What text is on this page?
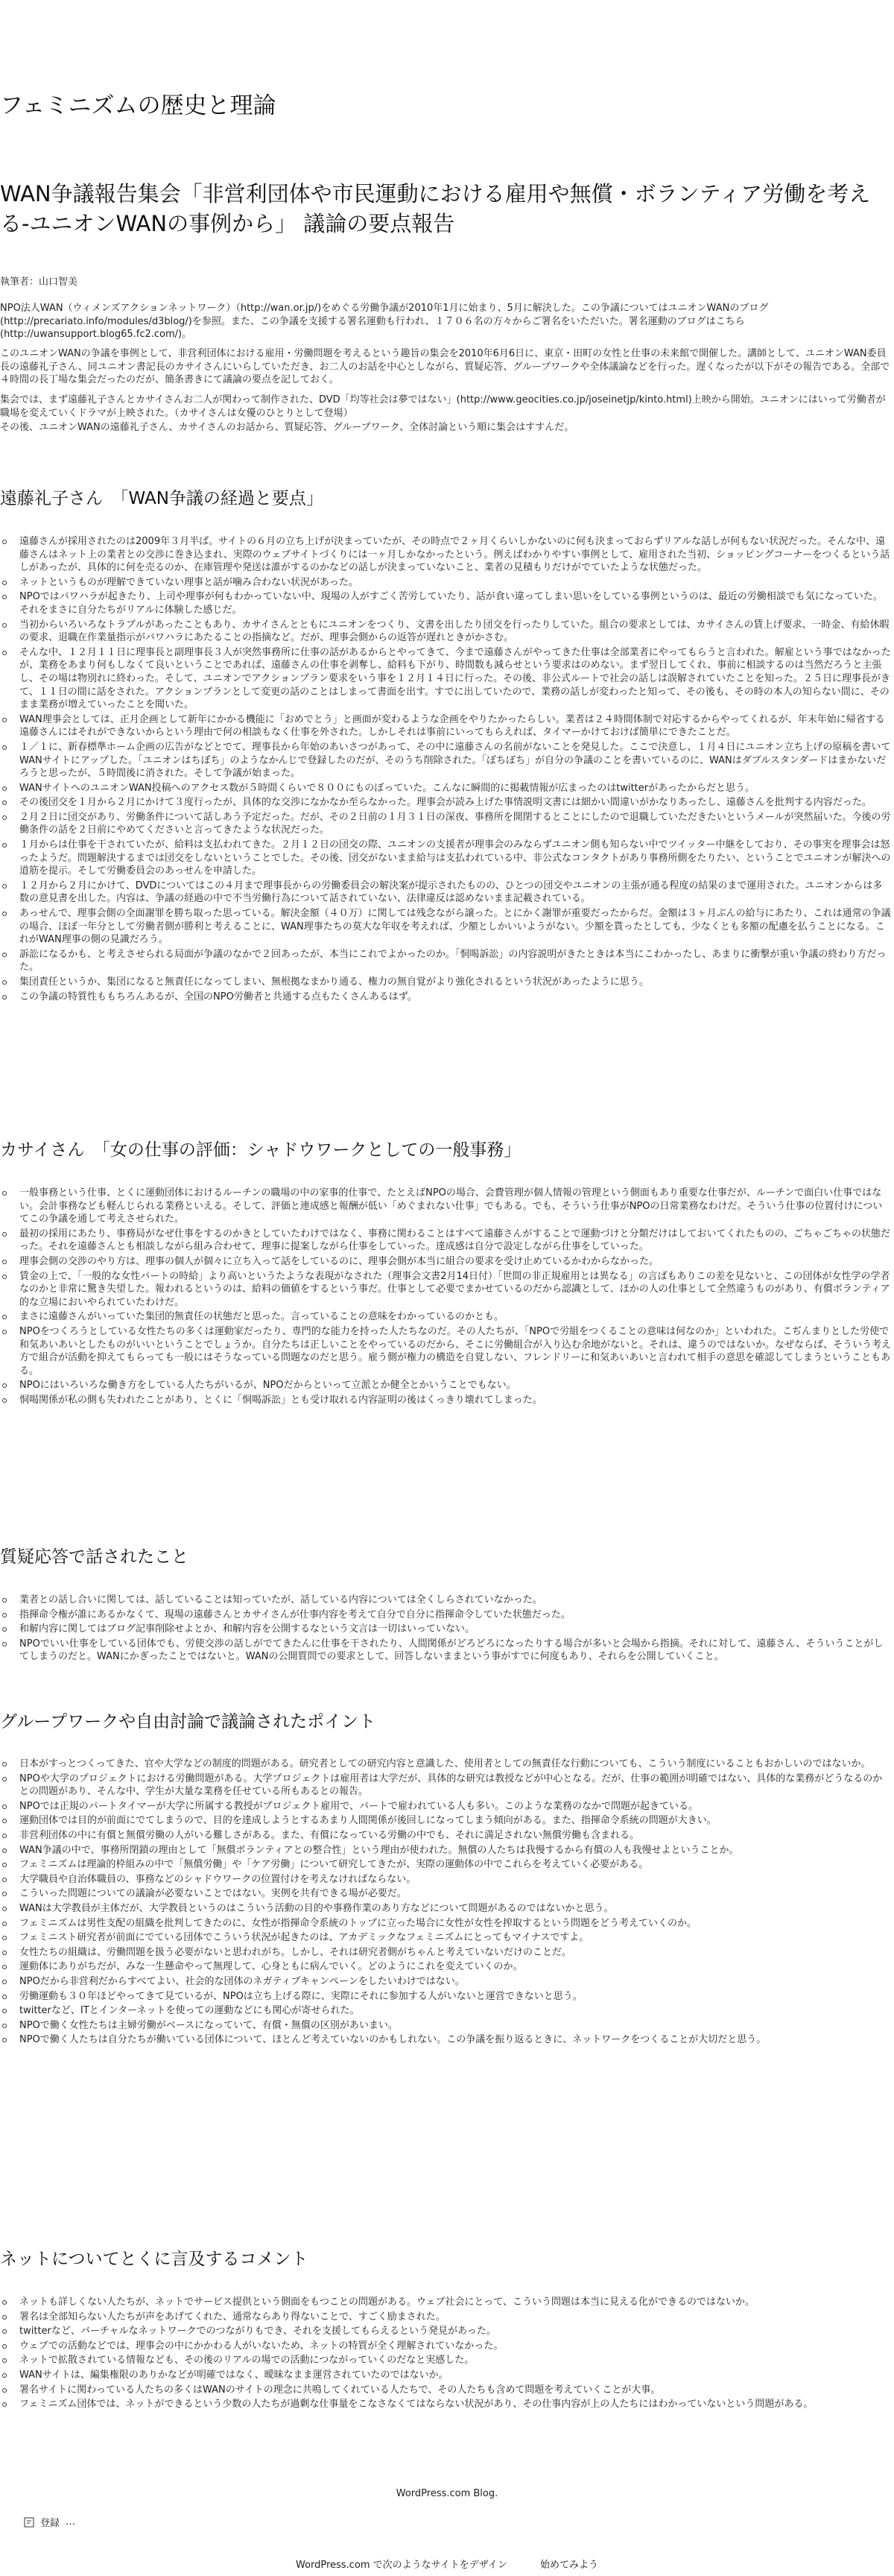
フェミニズムの歴史と理論
WAN争議報告集会「非営利団体や市民運動における雇用や無償・ボランティア労働を考える-ユニオンWANの事例から」 議論の要点報告
執筆者：山口智美

NPO法人WAN（ウィメンズアクションネットワーク）（http://wan.or.jp/)をめぐる労働争議が2010年1月に始まり、5月に解決した。この争議についてはユニオンWANのブログ (http://precariato.info/modules/d3blog/)を参照。また、この争議を支援する署名運動も行われ、１７０６名の方々からご署名をいただいた。署名運動のブログはこちら (http://uwansupport.blog65.fc2.com/)。

このユニオンWANの争議を事例として、非営利団体における雇用・労働問題を考えるという趣旨の集会を2010年6月6日に、東京・田町の女性と仕事の未来館で開催した。講師として、ユニオンWAN委員長の遠藤礼子さん、同ユニオン書記長のカサイさんにいらしていただき、お二人のお話を中心としながら、質疑応答、グループワークや全体議論などを行った。遅くなったが以下がその報告である。全部で４時間の長丁場な集会だったのだが、簡条書きにて議論の要点を記しておく。

集会では、まず遠藤礼子さんとカサイさんお二人が関わって制作された、DVD「均等社会は夢ではない」(http://www.geocities.co.jp/joseinetjp/kinto.html)上映から開始。ユニオンにはいって労働者が職場を変えていくドラマが上映された。（カサイさんは女優のひとりとして登場）

その後、ユニオンWANの遠藤礼子さん、カサイさんのお話から、質疑応答、グループワーク、全体討論という順に集会はすすんだ。

遠藤礼子さん　「WAN争議の経過と要点」
遠藤さんが採用されたのは2009年３月半ば。サイトの６月の立ち上げが決まっていたが、その時点で２ヶ月くらいしかないのに何も決まっておらずリアルな話しが何もない状況だった。そんな中、遠藤さんはネット上の業者との交渉に巻き込まれ、実際のウェブサイトづくりには一ヶ月しかなかったという。例えばわかりやすい事例として、雇用された当初、ショッピングコーナーをつくるという話しがあったが、具体的に何を売るのか、在庫管理や発送は誰がするのかなどの話しが決まっていないこと、業者の見積もりだけがでていたような状態だった。
ネットというものが理解できていない理事と話が噛み合わない状況があった。
NPOではパワハラが起きたり、上司や理事が何もわかっていない中、現場の人がすごく苦労していたり、話が食い違ってしまい思いをしている事例というのは、最近の労働相談でも気になっていた。それをまさに自分たちがリアルに体験した感じだ。
当初からいろいろなトラブルがあったこともあり、カサイさんとともにユニオンをつくり、文書を出したり団交を行ったりしていた。組合の要求としては、カサイさんの賃上げ要求、一時金、有給休暇の要求、退職在作業量指示がパワハラにあたることの指摘など。だが、理事会側からの返答が遅れときがかさむ。
そんな中、１２月１１日に理事長と副理事長３人が突然事務所に仕事の話があるからとやってきて、今まで遠藤さんがやってきた仕事は全部業者にやってもらうと言われた。解雇という事ではなかったが、業務をあまり何もしなくて良いということであれば、遠藤さんの仕事を剥奪し、給料も下がり、時間数も減らせという要求はのめない。まず翌日してくれ、事前に相談するのは当然だろうと主張し、その場は物別れに終わった。そして、ユニオンでアクションプラン要求をいう事を１２月１４日に行った。その後、非公式ルートで社会の話しは誤解されていたことを知った。２５日に理事長がきて、１１日の間に話をされた。アクションプランとして変更の話のことはしまって書面を出す。すでに出していたので、業務の話しが変わったと知って、その後も、その時の本人の知らない間に、そのまま業務が増えていったことを聞いた。
WAN理事会としては、正月企画として新年にかかる機能に「おめでとう」と画面が変わるような企画をやりたかったらしい。業者は２４時間体制で対応するからやってくれるが、年末年始に帰省する遠藤さんにはそれができないからという理由で何の相談もなく仕事を外された。しかしそれは事前にいってもらえれば、タイマーかけておけば簡単にできたことだ。
１／１に、新春標準ホーム企画の広告がなどとでて、理事長から年始のあいさつがあって、その中に遠藤さんの名前がないことを発見した。ここで決意し、１月４日にユニオン立ち上げの原稿を書いてWANサイトにアップした。「ユニオンはちぼち」のようなかんじで登録したのだが、そのうち削除された。「ぼちぼち」が自分の争議のことを書いているのに、WANはダブルスタンダードはまかないだろうと思ったが、５時間後に消された。そして争議が始まった。
WANサイトへのユニオンWAN投稿へのアクセス数が５時間くらいで８００にものぼっていた。こんなに瞬間的に掲載情報が広まったのはtwitterがあったからだと思う。
その後団交を１月から２月にかけて３度行ったが、具体的な交渉になかなか至らなかった。理事会が読み上げた事情説明文書には細かい間違いがかなりあったし、遠藤さんを批判する内容だった。
２月２日に団交があり、労働条件について話しあう予定だった。だが、その２日前の１月３１日の深夜、事務所を開閉するとことにしたので退職していただきたいというメールが突然届いた。今後の労働条件の話を２日前にやめてくださいと言ってきたような状況だった。
１月からは仕事を干されていたが、給料は支払われてきた。２月１２日の団交の際、ユニオンの支援者が理事会のみならずユニオン側も知らない中でツイッター中継をしており、その事実を理事会は怒ったようだ。問題解決するまでは団交をしないということでした。その後、団交がないまま給与は支払われている中、非公式なコンタクトがあり事務所側をたりたい、ということでユニオンが解決への道筋を提示。そして労働委員会のあっせんを申請した。
１２月から２月にかけて、DVDについてはこの４月まで理事長からの労働委員会の解決案が提示されたものの、ひとつの団交やユニオンの主張が通る程度の結果のまで運用された。ユニオンからは多数の意見書を出した。内容は、争議の経過の中で不当労働行為について話されていない、法律違反は認めないまま記載されている。
あっせんで、理事会側の全面謝罪を勝ち取った思っている。解決金額（４０万）に関しては残念ながら譲った。とにかく謝罪が重要だったからだ。金額は３ヶ月ぶんの給与にあたり、これは通常の争議の場合、ほぼ一年分として労働者側が勝利と考えることに、WAN理事たちの莫大な年収を考えれば、少額としかいいようがない。少額を貰ったとしても、少なくとも多額の配慮を払うことになる。これがWAN理事の側の見識だろう。
訴訟になるかも、と考えさせられる局面が争議のなかで２回あったが、本当にこれでよかったのか。「恫喝訴訟」の内容説明がきたときは本当にこわかったし、あまりに衝撃が重い争議の終わり方だった。
集団責任というか、集団になると無責任になってしまい、無根拠なまかり通る、権力の無自覚がより強化されるという状況があったように思う。
この争議の特質性ももちろんあるが、全国のNPO労働者と共通する点もたくさんあるはず。
カサイさん　「女の仕事の評価：シャドウワークとしての一般事務」
一般事務という仕事、とくに運動団体におけるルーチンの職場の中の家事的仕事で、たとえばNPOの場合、会費管理が個人情報の管理という側面もあり重要な仕事だが、ルーチンで面白い仕事ではない。会計事務なども軽んじられる業務といえる。そして、評価と連成感と報酬が低い「めぐまれない仕事」でもある。でも、そういう仕事がNPOの日常業務なわけだ。そういう仕事の位置付けについてこの争議を通して考えさせられた。
最初の採用にあたり、事務局がなぜ仕事をするのかきとしていたわけではなく、事務に関わることはすべて遠藤さんがすることで運動づけと分類だけはしておいてくれたものの、ごちゃごちゃの状態だった。それを遠藤さんとも相談しながら組み合わせて、理事に提案しながら仕事をしていった。達成感は自分で設定しながら仕事をしていった。
理事会側の交渉のやり方は、理事の個人が個々に立ち入って話をしているのに、理事会側が本当に組合の要求を受け止めているかわからなかった。
賃金の上で、「一般的な女性パートの時給」より高いというたような表現がなされた（理事会文書2月14日付）「世間の非正規雇用とは異なる」の言ばもありこの差を見ないと、この団体が女性学の学者なのかと非常に驚き失望した。報われるというのは、給料の価値をするという事だ。仕事として必要でまかせているのだから認識として、ほかの人の仕事として全然違うものがあり、有償ボランティア的な立場においやられていたわけだ。
まさに遠藤さんがいっていた集団的無責任の状態だと思った。言っていることの意味をわかっているのかとも。
NPOをつくろうとしている女性たちの多くは運動家だったり、専門的な能力を持った人たちなのだ。その人たちが、「NPOで労組をつくることの意味は何なのか」といわれた。こぢんまりとした労使で和気あいあいとしたものがいいということでしょうか。自分たちは正しいことをやっているのだから、そこに労働組合が入り込む余地がないと。それは、違うのではないか。なぜならば、そういう考え方で組合が活動を抑えてもらっても一般にはそうなっている問題なのだと思う。雇う側が権力の構造を自覚しない、フレンドリーに和気あいあいと言われて相手の意思を確認してしまうということもある。
NPOにはいろいろな働き方をしている人たちがいるが、NPOだからといって立派とか健全とかいうことでもない。
恫喝関係が私の側も失われたことがあり、とくに「恫喝訴訟」とも受け取れる内容証明の後はくっきり壊れてしまった。
質疑応答で話されたこと
業者との話し合いに関しては、話していることは知っていたが、話している内容については全くしらされていなかった。
指揮命令権が誰にあるかなくて、現場の遠藤さんとカサイさんが仕事内容を考えて自分で自分に指揮命令していた状態だった。
和解内容に関してはブログ記事削除せよとか、和解内容を公開するなという文言は一切はいっていない。
NPOでいい仕事をしている団体でも、労使交渉の話しがでてきたんに仕事を干されたり、人間関係がどろどろになったりする場合が多いと会場から指摘。それに対して、遠藤さん、そういうことがしてしまうのだと。WANにかぎったことではないと。WANの公開質問での要求として、回答しないままという事がすでに何度もあり、それらを公開していくこと。
グループワークや自由討論で議論されたポイント
日本がすっとつくってきた、官や大学などの制度的問題がある。研究者としての研究内容と意識した、使用者としての無責任な行動についても、こういう制度にいることもおかしいのではないか。
NPOや大学のプロジェクトにおける労働問題がある。大学プロジェクトは雇用者は大学だが、具体的な研究は教授などが中心となる。だが、仕事の範囲が明確ではない、具体的な業務がどうなるのかとの問題があり、そんな中、学生が大量な業務を任せている所もあるとの報告。
NPOでは正規のパートタイマーが大学に所属する教授がプロジェクト雇用で、パートで雇われている人も多い。このような業務のなかで問題が起きている。
運動団体では目的が前面にでてしまうので、目的を達成しようとするあまり人間関係が後回しになってしまう傾向がある。また、指揮命令系統の問題が大きい。
非営利団体の中に有償と無償労働の人がいる難しさがある。また、有償になっている労働の中でも、それに満足されない無償労働も含まれる。
WAN争議の中で、事務所閉鎖の理由として「無償ボランティアとの整合性」という理由が使われた。無償の人たちは我慢するから有償の人も我慢せよということか。
フェミニズムは理論的枠組みの中で「無償労働」や「ケア労働」について研究してきたが、実際の運動体の中でこれらを考えていく必要がある。
大学職員や自治体職員の、事務などのシャドウワークの位置付けを考えなければならない。
こういった問題についての議論が必要ないことではない。実例を共有できる場が必要だ。
WANは大学教員が主体だが、大学教員というのはこういう活動の目的や事務作業のあり方などについて問題があるのではないかと思う。
フェミニズムは男性支配の組織を批判してきたのに、女性が指揮命令系統のトップに立った場合に女性が女性を搾取するという問題をどう考えていくのか。
フェミニスト研究者が前面にでている団体でこういう状況が起きたのは、アカデミックなフェミニズムにとってもマイナスですよ。
女性たちの組織は、労働問題を扱う必要がないと思われがち。しかし、それは研究者側がちゃんと考えていないだけのことだ。
運動体にありがちだが、みな一生懸命やって無理して、心身ともに病んでいく。どのようにこれを変えていくのか。
NPOだから非営利だからすべてよい、社会的な団体のネガティブキャンペーンをしたいわけではない。
労働運動も３０年ほどやってきて見ているが、NPOは立ち上げる際に、実際にそれに参加する人がいないと運営できないと思う。
twitterなど、ITとインターネットを使っての運動などにも関心が寄せられた。
NPOで働く女性たちは主婦労働がベースになっていて、有償・無償の区別があいまい。
NPOで働く人たちは自分たちが働いている団体について、ほとんど考えていないのかもしれない。この争議を振り返るときに、ネットワークをつくることが大切だと思う。
ネットについてとくに言及するコメント
ネットも詳しくない人たちが、ネットでサービス提供という側面をもつことの問題がある。ウェブ社会にとって、こういう問題は本当に見える化ができるのではないか。
署名は全部知らない人たちが声をあげてくれた、通常ならあり得ないことで、すごく励まされた。
twitterなど、バーチャルなネットワークでのつながりもでき、それを支援してもらえるという発見があった。
ウェブでの活動などでは、理事会の中にかかわる人がいないため、ネットの特質が全く理解されていなかった。
ネットで拡散されている情報なども、その後のリアルの場での活動につながっていくのだなと実感した。
WANサイトは、編集権限のありかなどが明確ではなく、曖昧なまま運営されていたのではないか。
署名サイトに関わっている人たちの多くはWANのサイトの理念に共鳴してくれている人たちで、その人たちも含めて問題を考えていくことが大事。
フェミニズム団体では、ネットができるという少数の人たちが過剰な仕事量をこなさなくてはならない状況があり、その仕事内容が上の人たちにはわかっていないという問題がある。
WordPress.com Blog.
登録 …
WordPress.com で次のようなサイトをデザイン	始めてみよう
